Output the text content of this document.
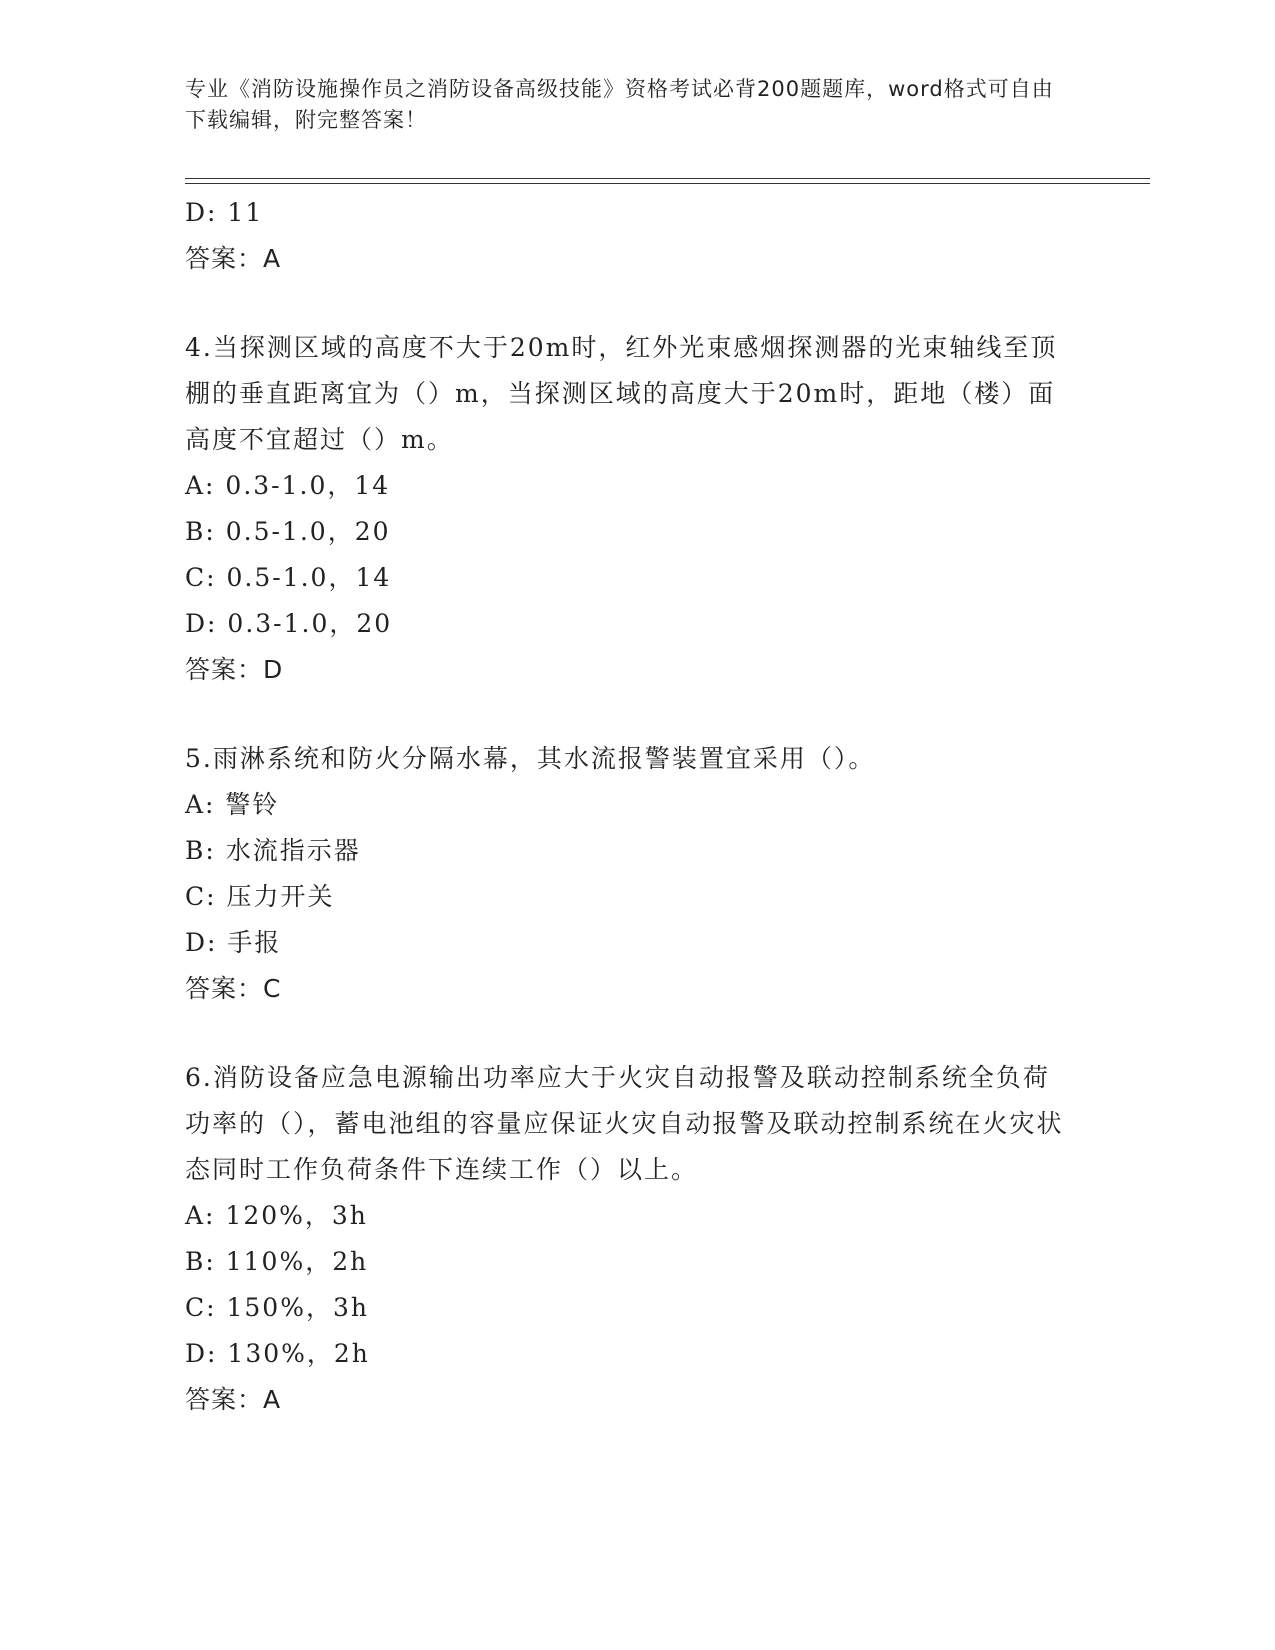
专业《消防设施操作员之消防设备高级技能》资格考试必背200题题库，word格式可自由下载编辑，附完整答案！
D: 11
答案：A
4.当探测区域的高度不大于20m时，红外光束感烟探测器的光束轴线至顶棚的垂直距离宜为（）m，当探测区域的高度大于20m时，距地（楼）面高度不宜超过（）m。
A: 0.3-1.0，14
B: 0.5-1.0，20
C: 0.5-1.0，14
D: 0.3-1.0，20
答案：D
5.雨淋系统和防火分隔水幕，其水流报警装置宜采用（）。
A: 警铃
B: 水流指示器
C: 压力开关
D: 手报
答案：C
6.消防设备应急电源输出功率应大于火灾自动报警及联动控制系统全负荷功率的（），蓄电池组的容量应保证火灾自动报警及联动控制系统在火灾状态同时工作负荷条件下连续工作（）以上。
A: 120%，3h
B: 110%，2h
C: 150%，3h
D: 130%，2h
答案：A
